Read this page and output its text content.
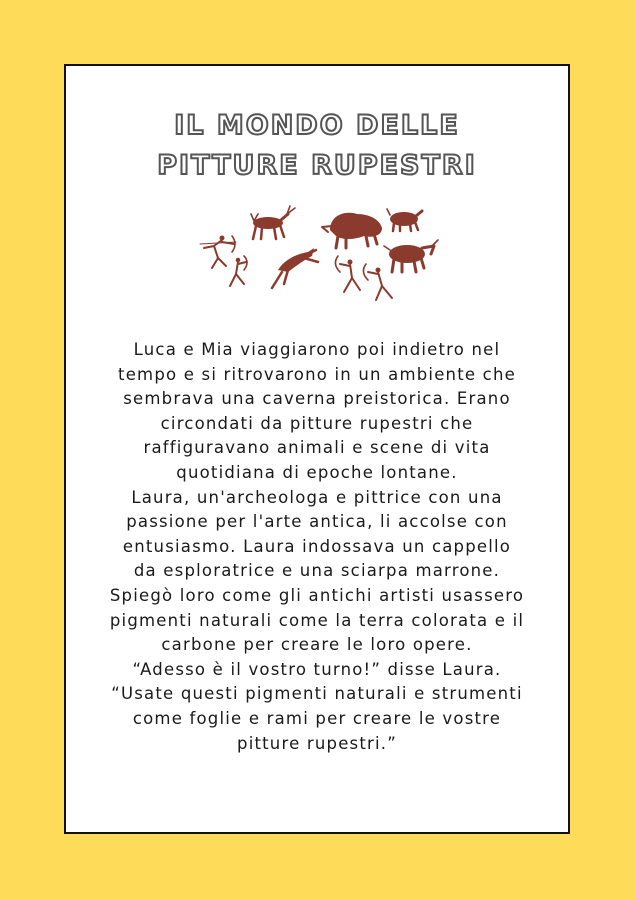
IL MONDO DELLE
PITTURE RUPESTRI

Luca e Mia viaggiarono poi indietro nel

tempo e si ritrovarono in un ambiente che

sembrava una caverna preistorica. Erano

circondati da pitture rupestri che

raffiguravano animali e scene di vita

quotidiana di epoche lontane.

Laura, un'archeologa e pittrice con una

passione per l'arte antica, li accolse con

entusiasmo. Laura indossava un cappello

da esploratrice e una sciarpa marrone.

Spiegò loro come gli antichi artisti usassero

pigmenti naturali come la terra colorata e il

carbone per creare le loro opere.

“Adesso è il vostro turno!” disse Laura.

“Usate questi pigmenti naturali e strumenti

come foglie e rami per creare le vostre

pitture rupestri.”
